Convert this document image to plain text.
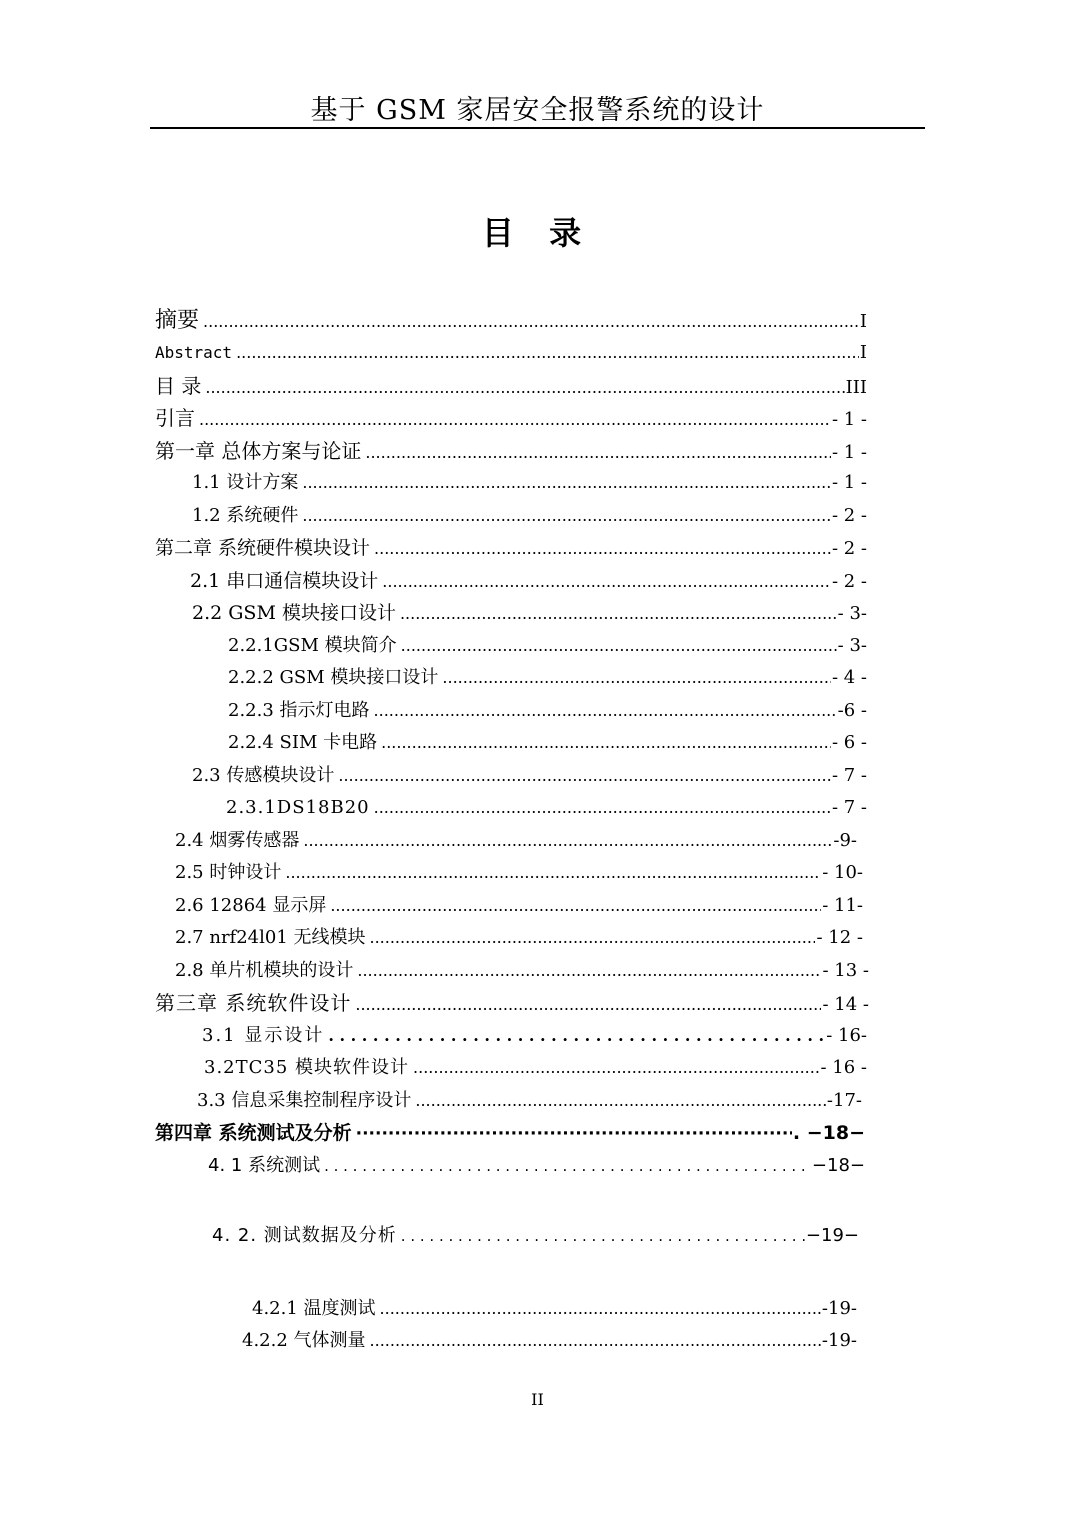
基于 GSM 家居安全报警系统的设计
目 录
摘要 .....	I
Abstract .....	I
目 录 .....	III
引言 .....	- 1 -
第一章 总体方案与论证 .....	- 1 -
1.1 设计方案 .....	- 1 -
1.2 系统硬件 .....	- 2 -
第二章 系统硬件模块设计 .....	- 2 -
2.1 串口通信模块设计 .....	- 2 -
2.2 GSM 模块接口设计 .....	- 3-
2.2.1GSM 模块简介 .....	- 3-
2.2.2 GSM 模块接口设计 .....	- 4 -
2.2.3 指示灯电路 .....	-6 -
2.2.4 SIM 卡电路 .....	- 6 -
2.3 传感模块设计 .....	- 7 -
2.3.1DS18B20 .....	- 7 -
2.4 烟雾传感器 .....	-9-
2.5 时钟设计 .....	- 10-
2.6 12864 显示屏 .....	- 11-
2.7 nrf24l01 无线模块 .....	- 12 -
2.8 单片机模块的设计 .....	- 13 -
第三章 系统软件设计 .....	- 14 -
3.1 显示设计 . . .	- 16-
3.2TC35 模块软件设计 .....	- 16 -
3.3 信息采集控制程序设计 .....	-17-
第四章 系统测试及分析 ·····	. −18−
4. 1 系统测试 . . .	−18−
4. 2. 测试数据及分析 . . .	−19−
4.2.1 温度测试 .....	-19-
4.2.2 气体测量 .....	-19-
II
